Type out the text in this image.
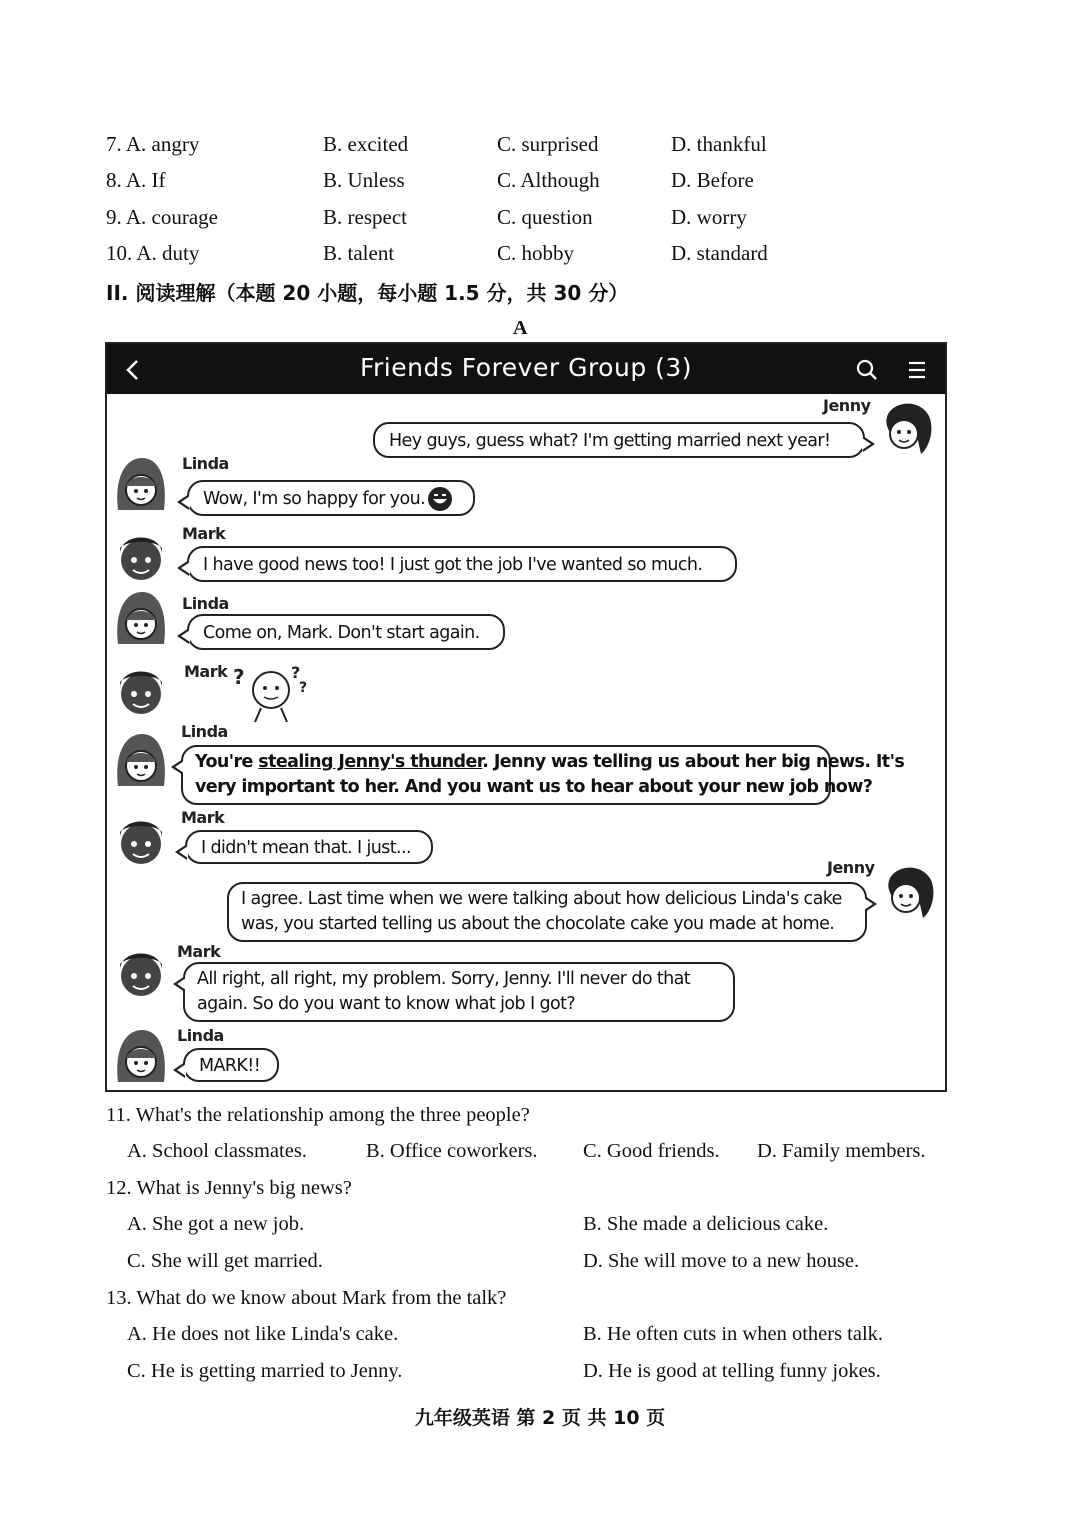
7. A. angry	B. excited	C. surprised	D. thankful
8. A. If	B. Unless	C. Although	D. Before
9. A. courage	B. respect	C. question	D. worry
10. A. duty	B. talent	C. hobby	D. standard
II. 阅读理解（本题 20 小题，每小题 1.5 分，共 30 分）
A
Friends Forever Group (3)
Jenny
Hey guys, guess what? I'm getting married next year!
Linda
Wow, I'm so happy for you.
Mark
I have good news too! I just got the job I've wanted so much.
Linda
Come on, Mark. Don't start again.
Mark ?	?
?
Linda
You're stealing Jenny's thunder. Jenny was telling us about her big news. It's
very important to her. And you want us to hear about your new job now?
Mark
I didn't mean that. I just...
Jenny
I agree. Last time when we were talking about how delicious Linda's cake
was, you started telling us about the chocolate cake you made at home.
Mark
All right, all right, my problem. Sorry, Jenny. I'll never do that
again. So do you want to know what job I got?
Linda
MARK!!
11. What's the relationship among the three people?
A. School classmates.	B. Office coworkers. C. Good friends. D. Family members.
12. What is Jenny's big news?
A. She got a new job.	B. She made a delicious cake.
C. She will get married.	D. She will move to a new house.
13. What do we know about Mark from the talk?
A. He does not like Linda's cake.	B. He often cuts in when others talk.
C. He is getting married to Jenny.	D. He is good at telling funny jokes.
九年级英语 第 2 页 共 10 页
